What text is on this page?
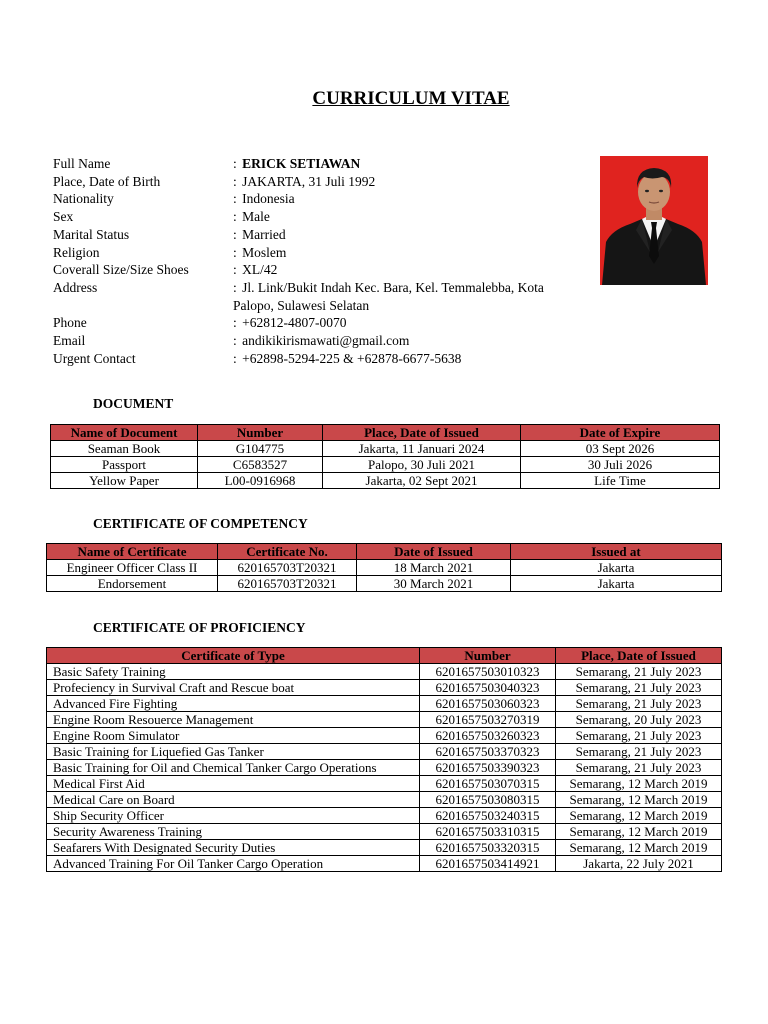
CURRICULUM VITAE
Full Name	: ERICK SETIAWAN
Place, Date of Birth	: JAKARTA, 31 Juli 1992
Nationality	: Indonesia
Sex	: Male
Marital Status	: Married
Religion	: Moslem
Coverall Size/Size Shoes	: XL/42
Address	: Jl. Link/Bukit Indah Kec. Bara, Kel. Temmalebba, Kota Palopo, Sulawesi Selatan
Phone	: +62812-4807-0070
Email	: andikikirismawati@gmail.com
Urgent Contact	: +62898-5294-225 & +62878-6677-5638
DOCUMENT
Name of Document	Number	Place, Date of Issued	Date of Expire
Seaman Book	G104775	Jakarta, 11 Januari 2024	03 Sept 2026
Passport	C6583527	Palopo, 30 Juli 2021	30 Juli 2026
Yellow Paper	L00-0916968	Jakarta, 02 Sept 2021	Life Time
CERTIFICATE OF COMPETENCY
Name of Certificate	Certificate No.	Date of Issued	Issued at
Engineer Officer Class II	620165703T20321	18 March 2021	Jakarta
Endorsement	620165703T20321	30 March 2021	Jakarta
CERTIFICATE OF PROFICIENCY
Certificate of Type	Number	Place, Date of Issued
Basic Safety Training	6201657503010323	Semarang, 21 July 2023
Profeciency in Survival Craft and Rescue boat	6201657503040323	Semarang, 21 July 2023
Advanced Fire Fighting	6201657503060323	Semarang, 21 July 2023
Engine Room Resouerce Management	6201657503270319	Semarang, 20 July 2023
Engine Room Simulator	6201657503260323	Semarang, 21 July 2023
Basic Training for Liquefied Gas Tanker	6201657503370323	Semarang, 21 July 2023
Basic Training for Oil and Chemical Tanker Cargo Operations	6201657503390323	Semarang, 21 July 2023
Medical First Aid	6201657503070315	Semarang, 12 March 2019
Medical Care on Board	6201657503080315	Semarang, 12 March 2019
Ship Security Officer	6201657503240315	Semarang, 12 March 2019
Security Awareness Training	6201657503310315	Semarang, 12 March 2019
Seafarers With Designated Security Duties	6201657503320315	Semarang, 12 March 2019
Advanced Training For Oil Tanker Cargo Operation	6201657503414921	Jakarta, 22 July 2021
